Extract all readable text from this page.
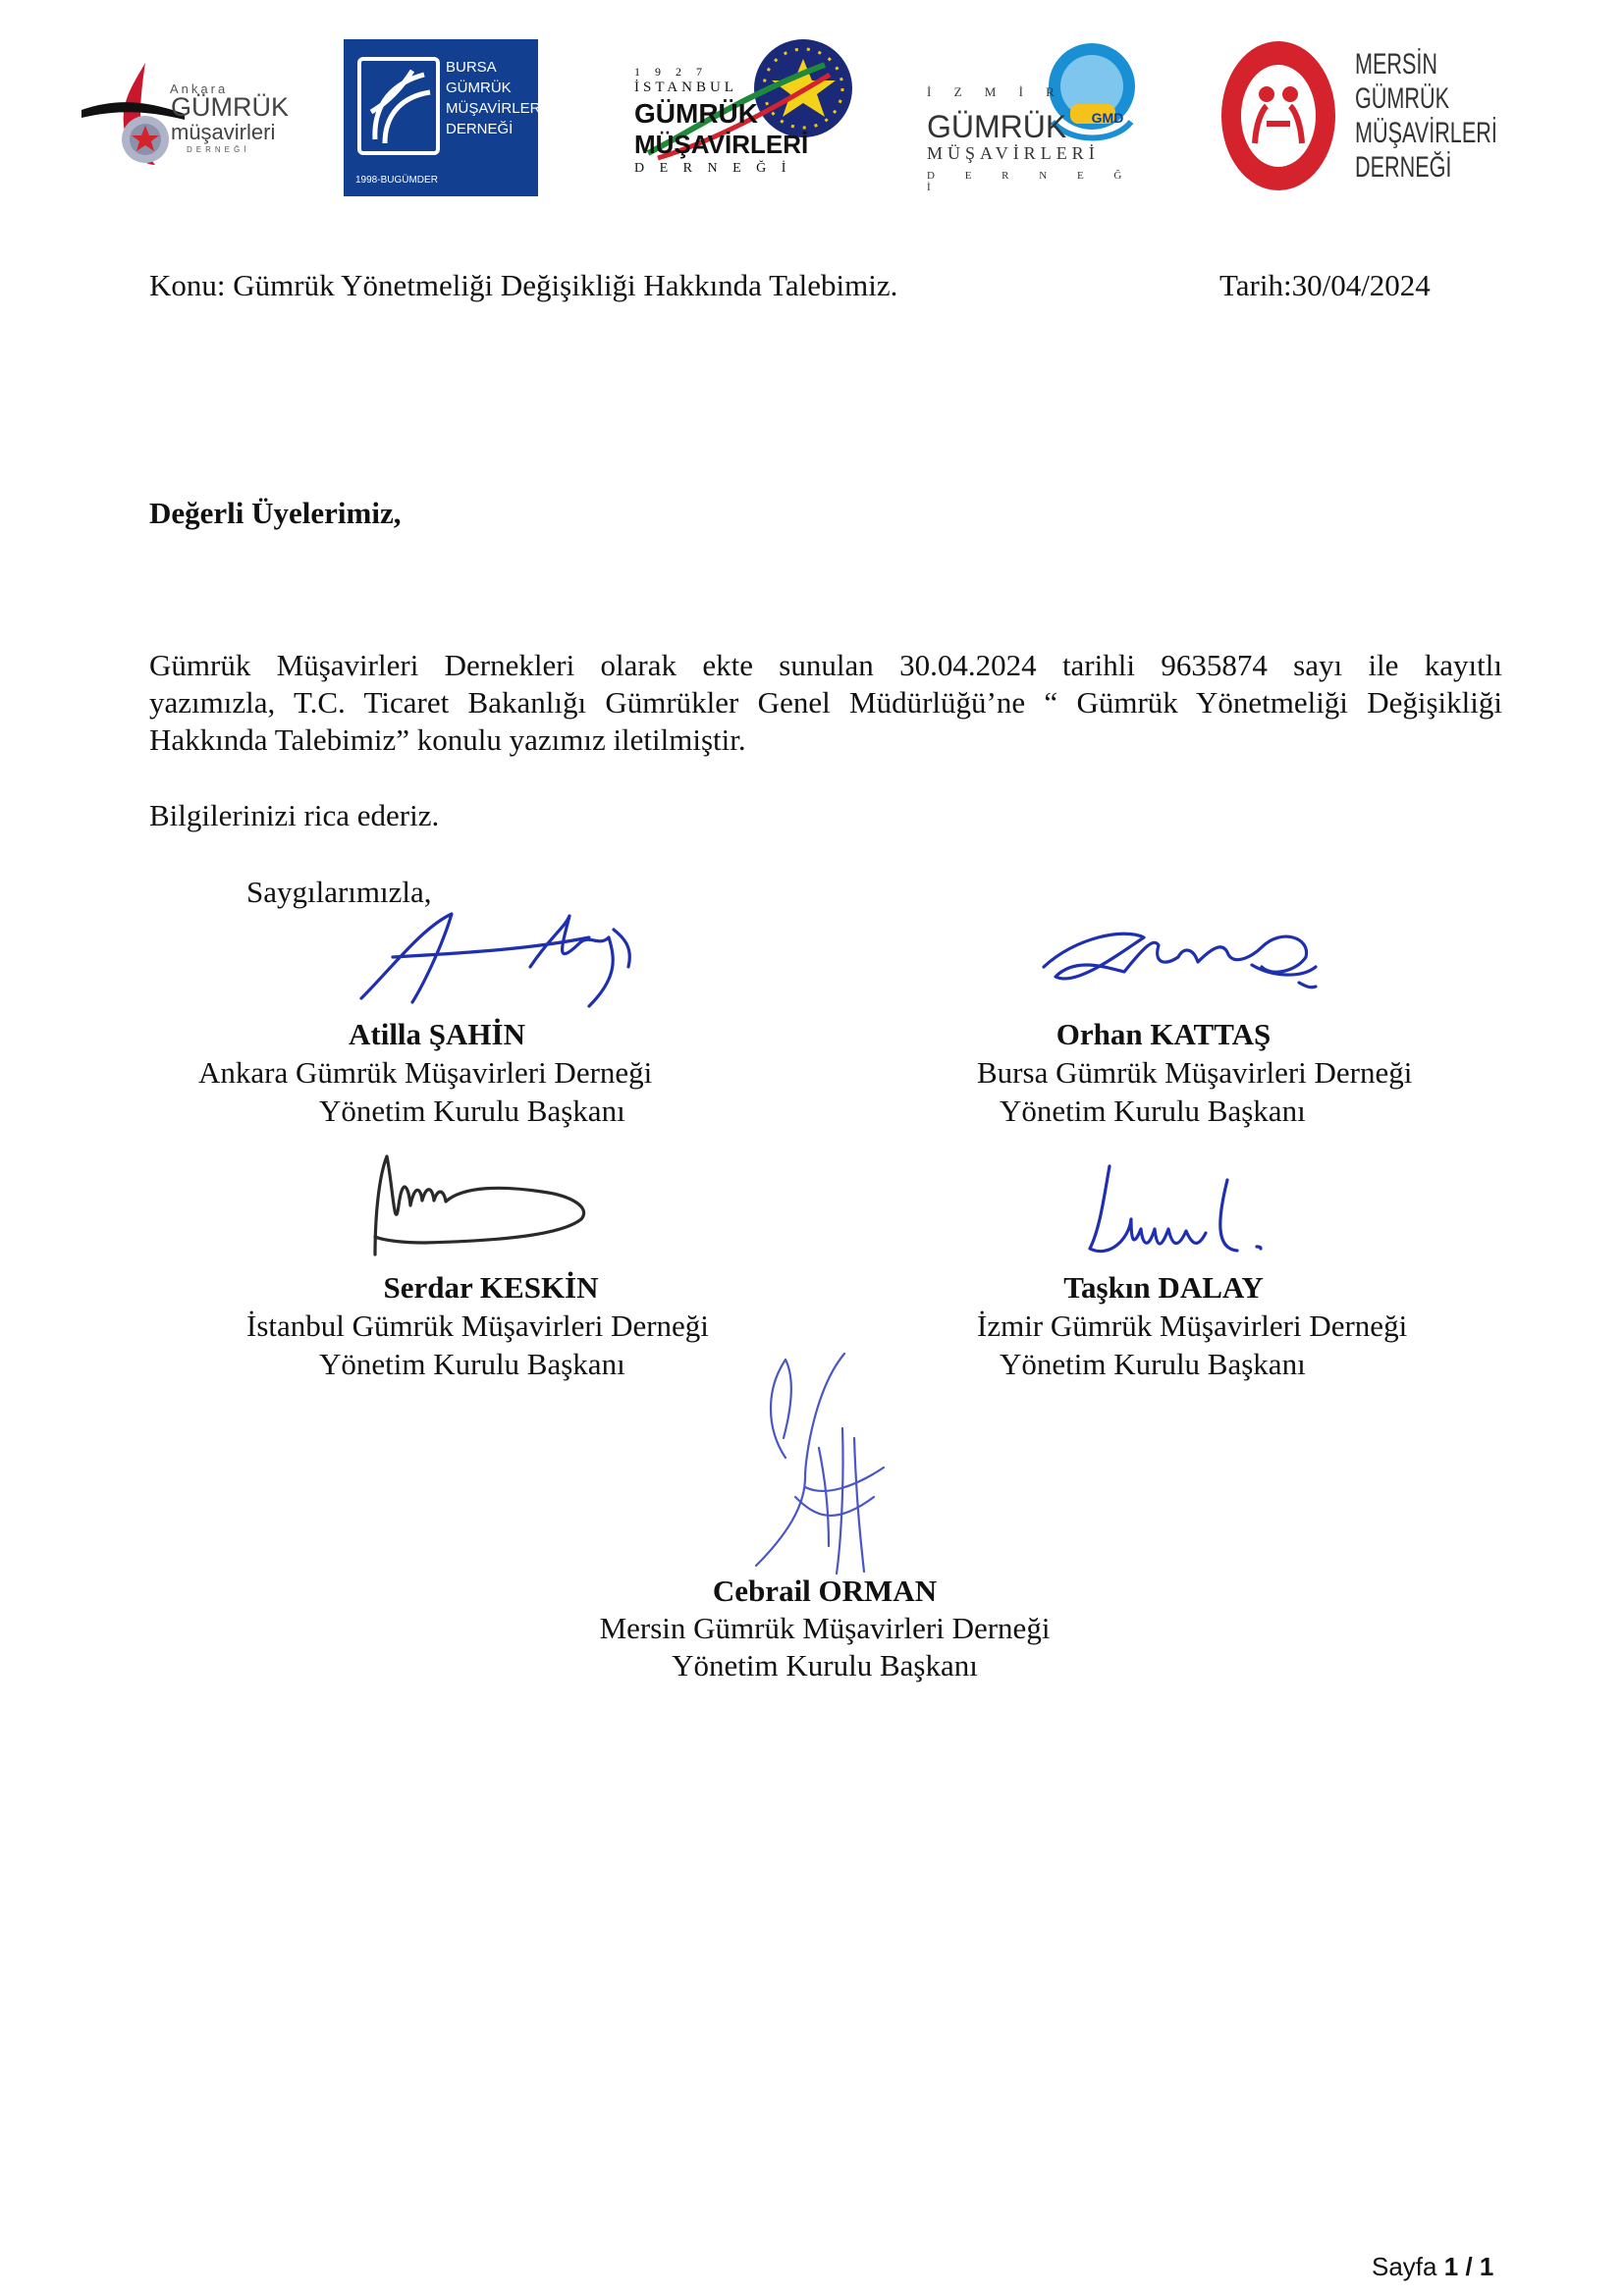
Ankara
GÜMRÜK
müşavirleri
DERNEĞİ
BURSA
GÜMRÜK
MÜŞAVİRLERİ
DERNEĞİ
1998-BUGÜMDER
1 9 2 7
İSTANBUL
GÜMRÜK
MÜŞAVİRLERİ
D E R N E Ğ İ
GMD
İ Z M İ R
GÜMRÜK
MÜŞAVİRLERİ
D E R N E Ğ İ
MERSİN
GÜMRÜK
MÜŞAVİRLERİ
DERNEĞİ
Konu: Gümrük Yönetmeliği Değişikliği Hakkında Talebimiz.	Tarih:30/04/2024
Değerli Üyelerimiz,
Gümrük Müşavirleri Dernekleri olarak ekte sunulan 30.04.2024 tarihli 9635874 sayı ile kayıtlı
yazımızla, T.C. Ticaret Bakanlığı Gümrükler Genel Müdürlüğü’ne “ Gümrük Yönetmeliği Değişikliği
Hakkında Talebimiz” konulu yazımız iletilmiştir.
Bilgilerinizi rica ederiz.
Saygılarımızla,
Atilla ŞAHİN
Ankara Gümrük Müşavirleri Derneği
Yönetim Kurulu Başkanı
Orhan KATTAŞ
Bursa Gümrük Müşavirleri Derneği
Yönetim Kurulu Başkanı
Serdar KESKİN
İstanbul Gümrük Müşavirleri Derneği
Yönetim Kurulu Başkanı
Taşkın DALAY
İzmir Gümrük Müşavirleri Derneği
Yönetim Kurulu Başkanı
Cebrail ORMAN
Mersin Gümrük Müşavirleri Derneği
Yönetim Kurulu Başkanı
Sayfa 1 / 1
